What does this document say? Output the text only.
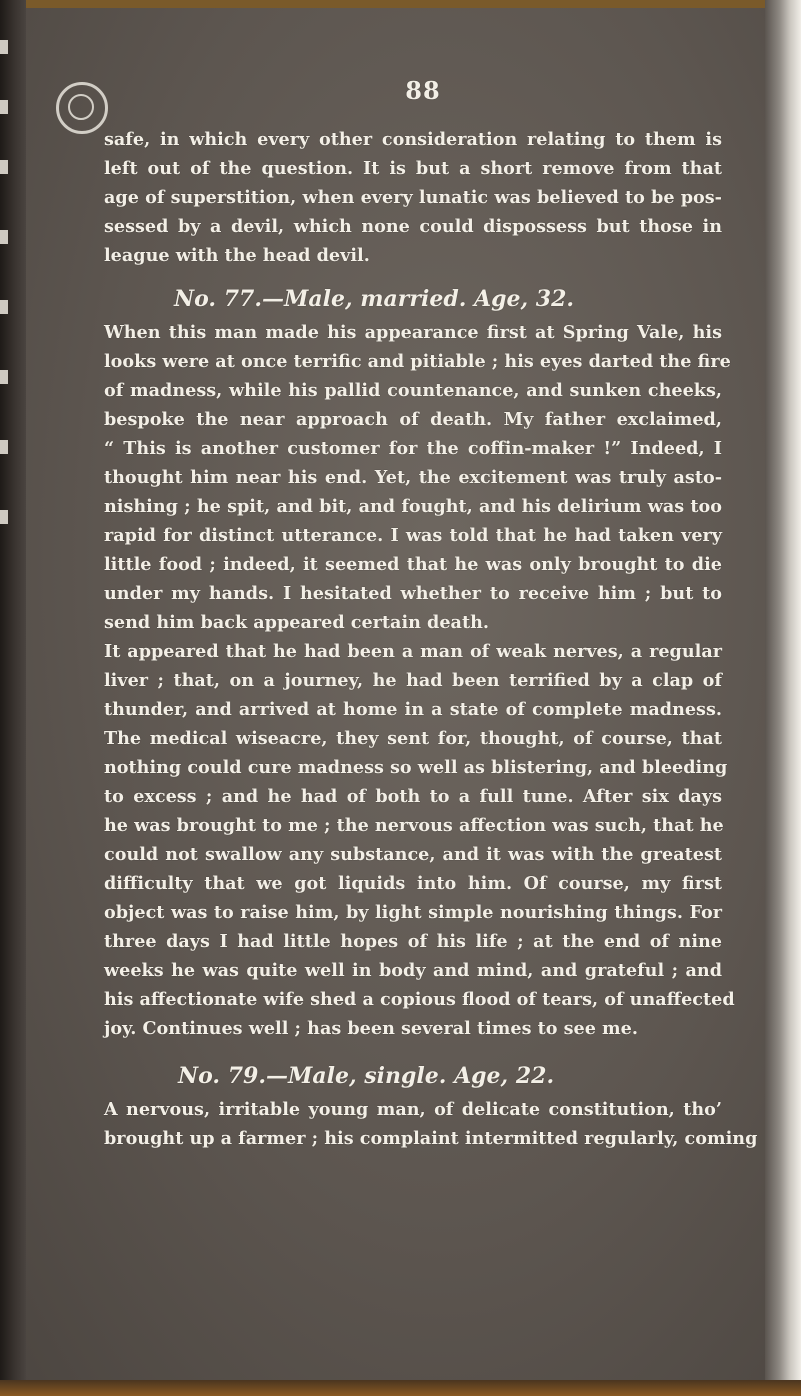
88
safe, in which every other consideration relating to them is
left out of the question. It is but a short remove from that
age of superstition, when every lunatic was believed to be pos-
sessed by a devil, which none could dispossess but those in
league with the head devil.
No. 77.—Male, married. Age, 32.
When this man made his appearance first at Spring Vale, his
looks were at once terrific and pitiable ; his eyes darted the fire
of madness, while his pallid countenance, and sunken cheeks,
bespoke the near approach of death. My father exclaimed,
“ This is another customer for the coffin-maker !” Indeed, I
thought him near his end. Yet, the excitement was truly asto-
nishing ; he spit, and bit, and fought, and his delirium was too
rapid for distinct utterance. I was told that he had taken very
little food ; indeed, it seemed that he was only brought to die
under my hands. I hesitated whether to receive him ; but to
send him back appeared certain death.
It appeared that he had been a man of weak nerves, a regular
liver ; that, on a journey, he had been terrified by a clap of
thunder, and arrived at home in a state of complete madness.
The medical wiseacre, they sent for, thought, of course, that
nothing could cure madness so well as blistering, and bleeding
to excess ; and he had of both to a full tune. After six days
he was brought to me ; the nervous affection was such, that he
could not swallow any substance, and it was with the greatest
difficulty that we got liquids into him. Of course, my first
object was to raise him, by light simple nourishing things. For
three days I had little hopes of his life ; at the end of nine
weeks he was quite well in body and mind, and grateful ; and
his affectionate wife shed a copious flood of tears, of unaffected
joy. Continues well ; has been several times to see me.
No. 79.—Male, single. Age, 22.
A nervous, irritable young man, of delicate constitution, tho’
brought up a farmer ; his complaint intermitted regularly, coming
